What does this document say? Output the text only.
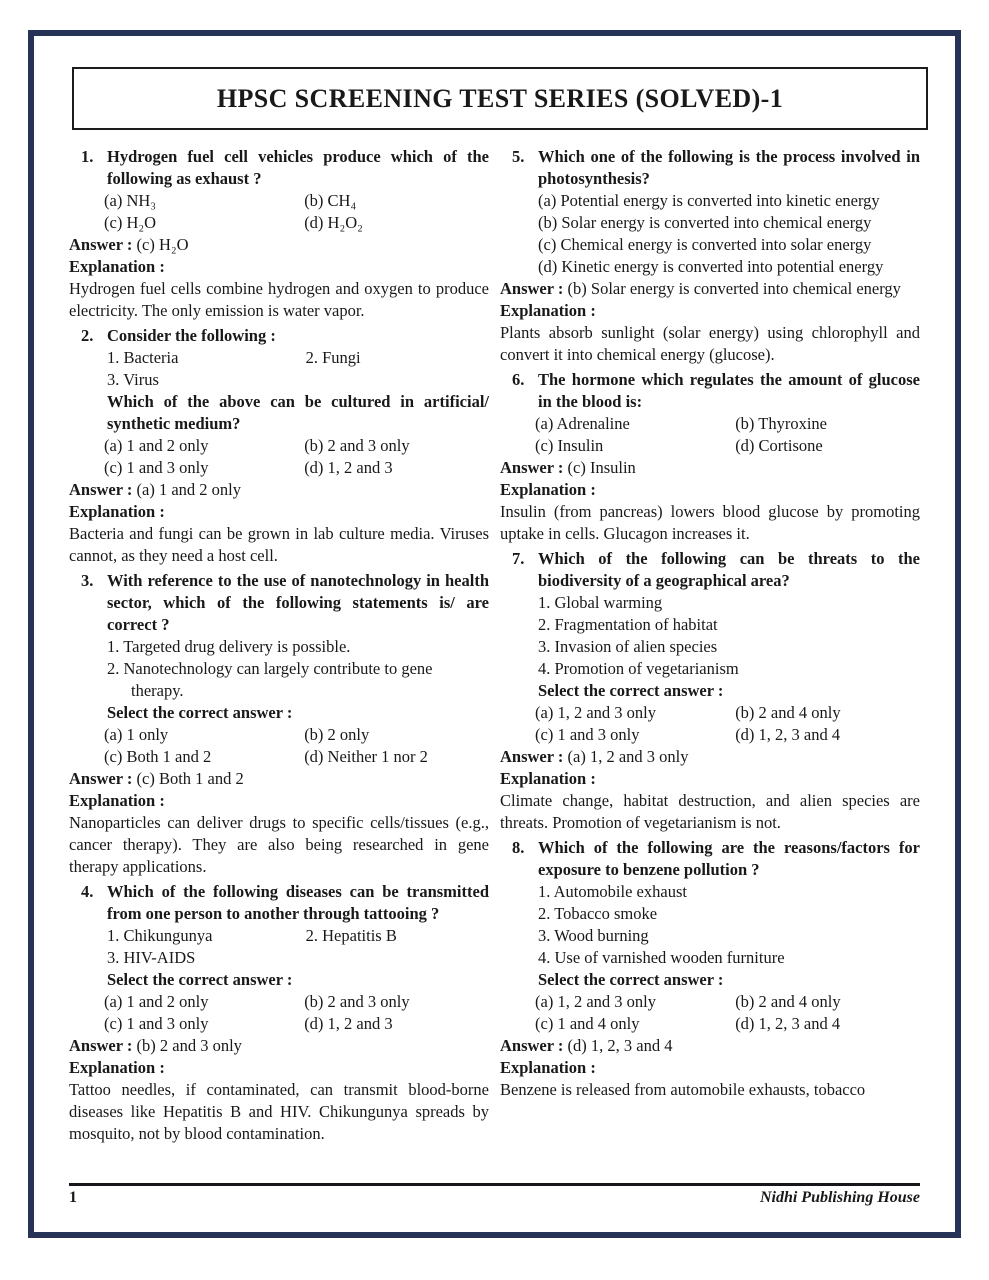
HPSC SCREENING TEST SERIES (SOLVED)-1
1. Hydrogen fuel cell vehicles produce which of the following as exhaust ?
(a) NH₃	(b) CH₄
(c) H₂O	(d) H₂O₂
Answer : (c) H₂O
Explanation :
Hydrogen fuel cells combine hydrogen and oxygen to produce electricity. The only emission is water vapor.
2. Consider the following :
1. Bacteria	2. Fungi
3. Virus
Which of the above can be cultured in artificial/ synthetic medium?
(a) 1 and 2 only	(b) 2 and 3 only
(c) 1 and 3 only	(d) 1, 2 and 3
Answer : (a) 1 and 2 only
Explanation :
Bacteria and fungi can be grown in lab culture media. Viruses cannot, as they need a host cell.
3. With reference to the use of nanotechnology in health sector, which of the following statements is/ are correct ?
1. Targeted drug delivery is possible.
2. Nanotechnology can largely contribute to gene therapy.
Select the correct answer :
(a) 1 only	(b) 2 only
(c) Both 1 and 2	(d) Neither 1 nor 2
Answer : (c) Both 1 and 2
Explanation :
Nanoparticles can deliver drugs to specific cells/tissues (e.g., cancer therapy). They are also being researched in gene therapy applications.
4. Which of the following diseases can be transmitted from one person to another through tattooing ?
1. Chikungunya	2. Hepatitis B
3. HIV-AIDS
Select the correct answer :
(a) 1 and 2 only	(b) 2 and 3 only
(c) 1 and 3 only	(d) 1, 2 and 3
Answer : (b) 2 and 3 only
Explanation :
Tattoo needles, if contaminated, can transmit blood-borne diseases like Hepatitis B and HIV. Chikungunya spreads by mosquito, not by blood contamination.
5. Which one of the following is the process involved in photosynthesis?
(a) Potential energy is converted into kinetic energy
(b) Solar energy is converted into chemical energy
(c) Chemical energy is converted into solar energy
(d) Kinetic energy is converted into potential energy
Answer : (b) Solar energy is converted into chemical energy
Explanation :
Plants absorb sunlight (solar energy) using chlorophyll and convert it into chemical energy (glucose).
6. The hormone which regulates the amount of glucose in the blood is:
(a) Adrenaline	(b) Thyroxine
(c) Insulin	(d) Cortisone
Answer : (c) Insulin
Explanation :
Insulin (from pancreas) lowers blood glucose by promoting uptake in cells. Glucagon increases it.
7. Which of the following can be threats to the biodiversity of a geographical area?
1. Global warming
2. Fragmentation of habitat
3. Invasion of alien species
4. Promotion of vegetarianism
Select the correct answer :
(a) 1, 2 and 3 only	(b) 2 and 4 only
(c) 1 and 3 only	(d) 1, 2, 3 and 4
Answer : (a) 1, 2 and 3 only
Explanation :
Climate change, habitat destruction, and alien species are threats. Promotion of vegetarianism is not.
8. Which of the following are the reasons/factors for exposure to benzene pollution ?
1. Automobile exhaust
2. Tobacco smoke
3. Wood burning
4. Use of varnished wooden furniture
Select the correct answer :
(a) 1, 2 and 3 only	(b) 2 and 4 only
(c) 1 and 4 only	(d) 1, 2, 3 and 4
Answer : (d) 1, 2, 3 and 4
Explanation :
Benzene is released from automobile exhausts, tobacco
1	Nidhi Publishing House
